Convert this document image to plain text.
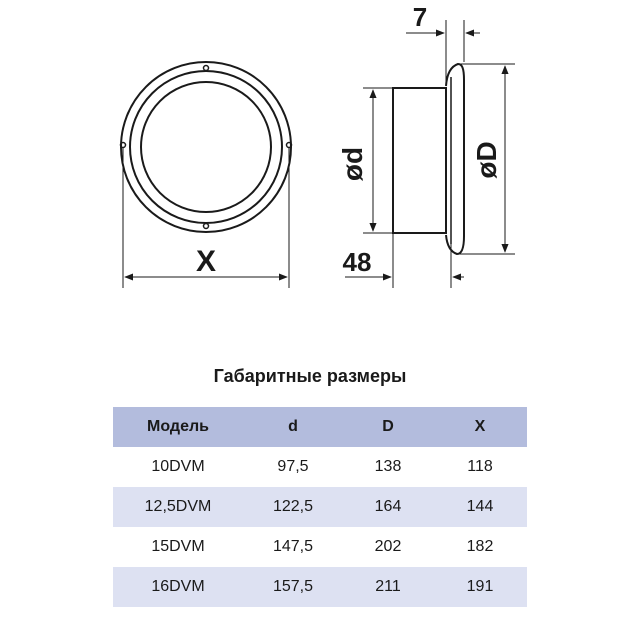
X
7
ød	øD
48
Габаритные размеры
Модель	d	D	X
10DVM	97,5	138	118
12,5DVM	122,5	164	144
15DVM	147,5	202	182
16DVM	157,5	211	191
